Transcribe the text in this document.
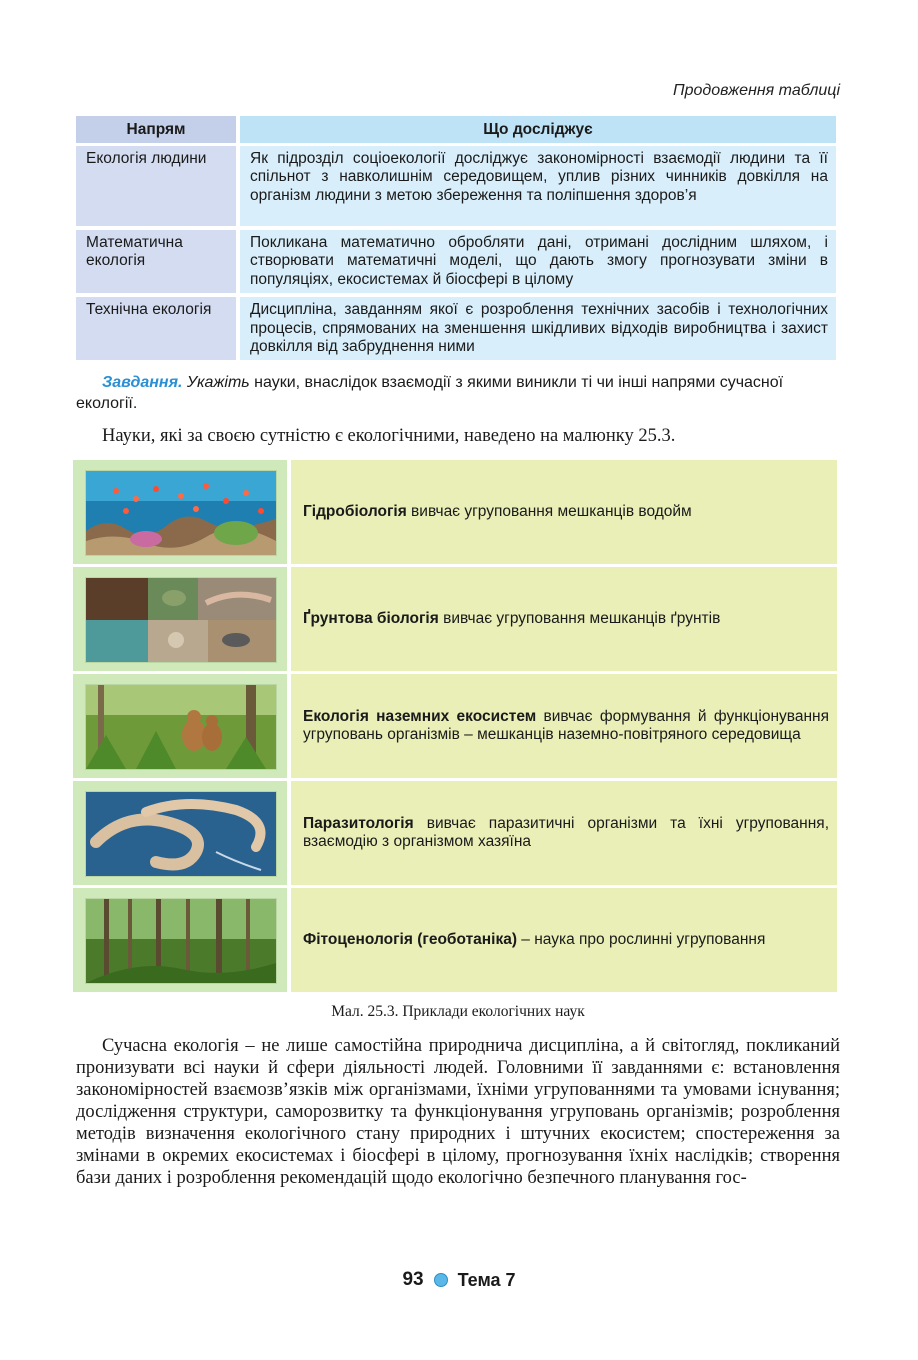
Продовження таблиці
Напрям	Що досліджує
Екологія людини	Як підрозділ соціоекології досліджує закономірності взаємодії людини та її спільнот з навколишнім середовищем, уплив різних чинників довкілля на організм людини з метою збереження та поліпшення здоров’я
Математична екологія	Покликана математично обробляти дані, отримані дослідним шляхом, і створювати математичні моделі, що дають змогу прогнозувати зміни в популяціях, екосистемах й біосфері в цілому
Технічна екологія	Дисципліна, завданням якої є розроблення технічних засобів і технологічних процесів, спрямованих на зменшення шкідливих відходів виробництва і захист довкілля від забруднення ними
Завдання. Укажіть науки, внаслідок взаємодії з якими виникли ті чи інші напрями сучасної екології.
Науки, які за своєю сутністю є екологічними, наведено на малюнку 25.3.

Гідробіологія вивчає угруповання мешканців водойм

Ґрунтова біологія вивчає угруповання мешканців ґрунтів

Екологія наземних екосистем вивчає формування й функціонування угруповань організмів – мешканців наземно-повітряного середовища

Паразитологія вивчає паразитичні організми та їхні угруповання, взаємодію з організмом хазяїна

Фітоценологія (геоботаніка) – наука про рослинні угруповання

Мал. 25.3. Приклади екологічних наук
Сучасна екологія – не лише самостійна природнича дисципліна, а й світогляд, покликаний пронизувати всі науки й сфери діяльності людей. Головними її завданнями є: встановлення закономірностей взаємозв’язків між організмами, їхніми угрупованнями та умовами існування; дослідження структури, саморозвитку та функціонування угруповань організмів; розроблення методів визначення екологічного стану природних і штучних екосистем; спостереження за змінами в окремих екосистемах і біосфері в цілому, прогнозування їхніх наслідків; створення бази даних і розроблення рекомендацій щодо екологічно безпечного планування гос-
93 Тема 7
